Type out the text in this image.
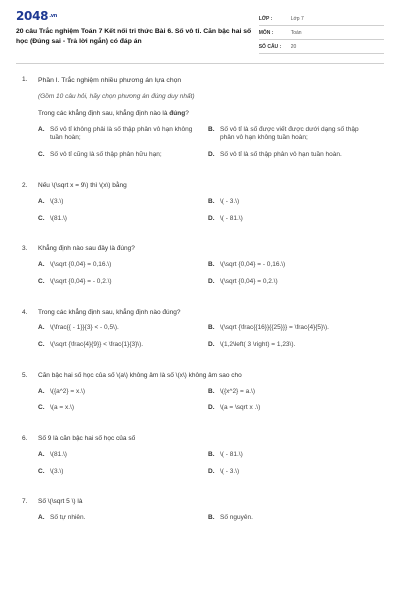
2048.vn
20 câu Trắc nghiệm Toán 7 Kết nối tri thức Bài 6. Số vô tỉ. Căn bậc hai số học (Đúng sai - Trả lời ngắn) có đáp án
LỚP :	Lớp 7
MÔN :	Toán
SỐ CÂU :	20
1.	Phần I. Trắc nghiệm nhiều phương án lựa chọn
(Gồm 10 câu hỏi, hãy chọn phương án đúng duy nhất)
Trong các khẳng định sau, khẳng định nào là đúng?
A. Số vô tỉ không phải là số thập phân vô hạn không tuần hoàn;
B. Số vô tỉ là số được viết được dưới dạng số thập phân vô hạn không tuần hoàn;
C. Số vô tỉ cũng là số thập phân hữu hạn;	D. Số vô tỉ là số thập phân vô hạn tuần hoàn.
2.	Nếu \(\sqrt x = 9\) thì \(x\) bằng
A. \(3.\)	B. \( - 3.\)
C. \(81.\)	D. \( - 81.\)
3.	Khẳng định nào sau đây là đúng?
A. \(\sqrt {0,04} = 0,16.\)	B. \(\sqrt {0,04} = - 0,16.\)
C. \(\sqrt {0,04} = - 0,2.\)	D. \(\sqrt {0,04} = 0,2.\)
4.	Trong các khẳng định sau, khẳng định nào đúng?
A. \(\frac{{ - 1}}{3} < - 0,5\).	B. \(\sqrt {\frac{{16}}{{25}}} = \frac{4}{5}\).
C. \(\sqrt {\frac{4}{9}} < \frac{1}{3}\).	D. \(1,2\left( 3 \right) = 1,23\).
5.	Căn bậc hai số học của số \(a\) không âm là số \(x\) không âm sao cho
A. \({a^2} = x.\)	B. \({x^2} = a.\)
C. \(a = x.\)	D. \(a = \sqrt x .\)
6.	Số 9 là căn bậc hai số học của số
A. \(81.\)	B. \( - 81.\)
C. \(3.\)	D. \( - 3.\)
7.	Số \(\sqrt 5 \) là
A. Số tự nhiên.	B. Số nguyên.
